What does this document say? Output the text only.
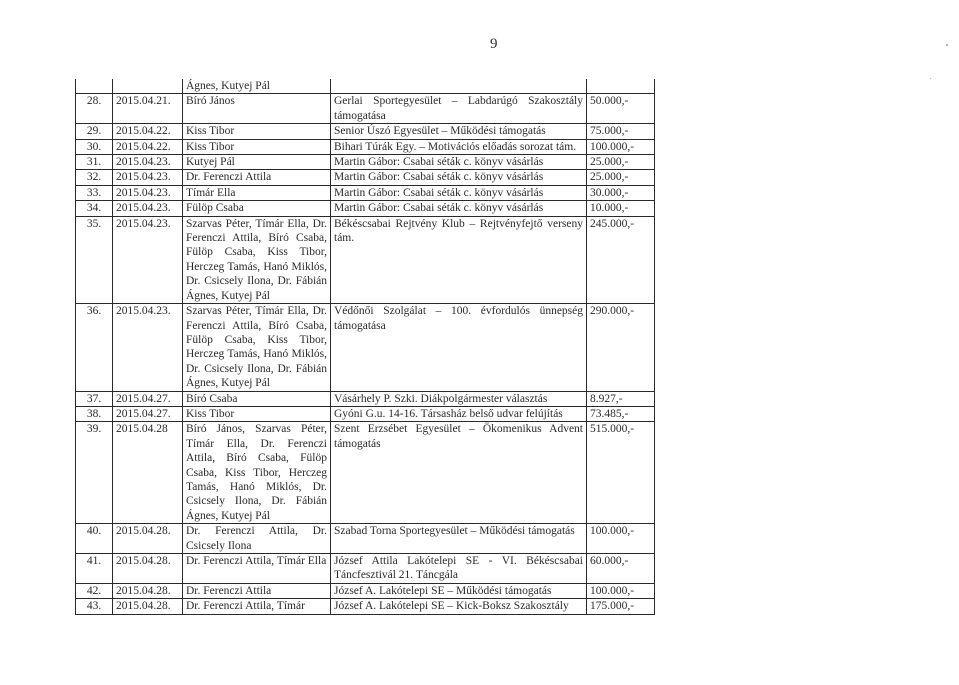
9
		Ágnes, Kutyej Pál		
28.	2015.04.21.	Bíró János	Gerlai Sportegyesület – Labdarúgó Szakosztály támogatása	50.000,-
29.	2015.04.22.	Kiss Tibor	Senior Úszó Egyesület – Működési támogatás	75.000,-
30.	2015.04.22.	Kiss Tibor	Bihari Túrák Egy. – Motivációs előadás sorozat tám.	100.000,-
31.	2015.04.23.	Kutyej Pál	Martin Gábor: Csabai séták c. könyv vásárlás	25.000,-
32.	2015.04.23.	Dr. Ferenczi Attila	Martin Gábor: Csabai séták c. könyv vásárlás	25.000,-
33.	2015.04.23.	Tímár Ella	Martin Gábor: Csabai séták c. könyv vásárlás	30.000,-
34.	2015.04.23.	Fülöp Csaba	Martin Gábor: Csabai séták c. könyv vásárlás	10.000,-
35.	2015.04.23.	Szarvas Péter, Tímár Ella, Dr. Ferenczi Attila, Bíró Csaba, Fülöp Csaba, Kiss Tibor, Herczeg Tamás, Hanó Miklós, Dr. Csicsely Ilona, Dr. Fábián Ágnes, Kutyej Pál	Békéscsabai Rejtvény Klub – Rejtvényfejtő verseny tám.	245.000,-
36.	2015.04.23.	Szarvas Péter, Tímár Ella, Dr. Ferenczi Attila, Bíró Csaba, Fülöp Csaba, Kiss Tibor, Herczeg Tamás, Hanó Miklós, Dr. Csicsely Ilona, Dr. Fábián Ágnes, Kutyej Pál	Védőnői Szolgálat – 100. évfordulós ünnepség támogatása	290.000,-
37.	2015.04.27.	Bíró Csaba	Vásárhely P. Szki. Diákpolgármester választás	8.927,-
38.	2015.04.27.	Kiss Tibor	Gyóni G.u. 14-16. Társasház belső udvar felújítás	73.485,-
39.	2015.04.28	Bíró János, Szarvas Péter, Tímár Ella, Dr. Ferenczi Attila, Bíró Csaba, Fülöp Csaba, Kiss Tibor, Herczeg Tamás, Hanó Miklós, Dr. Csicsely Ilona, Dr. Fábián Ágnes, Kutyej Pál	Szent Erzsébet Egyesület – Ökomenikus Advent támogatás	515.000,-
40.	2015.04.28.	Dr. Ferenczi Attila, Dr. Csicsely Ilona	Szabad Torna Sportegyesület – Működési támogatás	100.000,-
41.	2015.04.28.	Dr. Ferenczi Attila, Tímár Ella	József Attila Lakótelepi SE - VI. Békéscsabai Táncfesztivál 21. Táncgála	60.000,-
42.	2015.04.28.	Dr. Ferenczi Attila	József A. Lakótelepi SE – Működési támogatás	100.000,-
43.	2015.04.28.	Dr. Ferenczi Attila, Tímár	József A. Lakótelepi SE – Kick-Boksz Szakosztály	175.000,-
